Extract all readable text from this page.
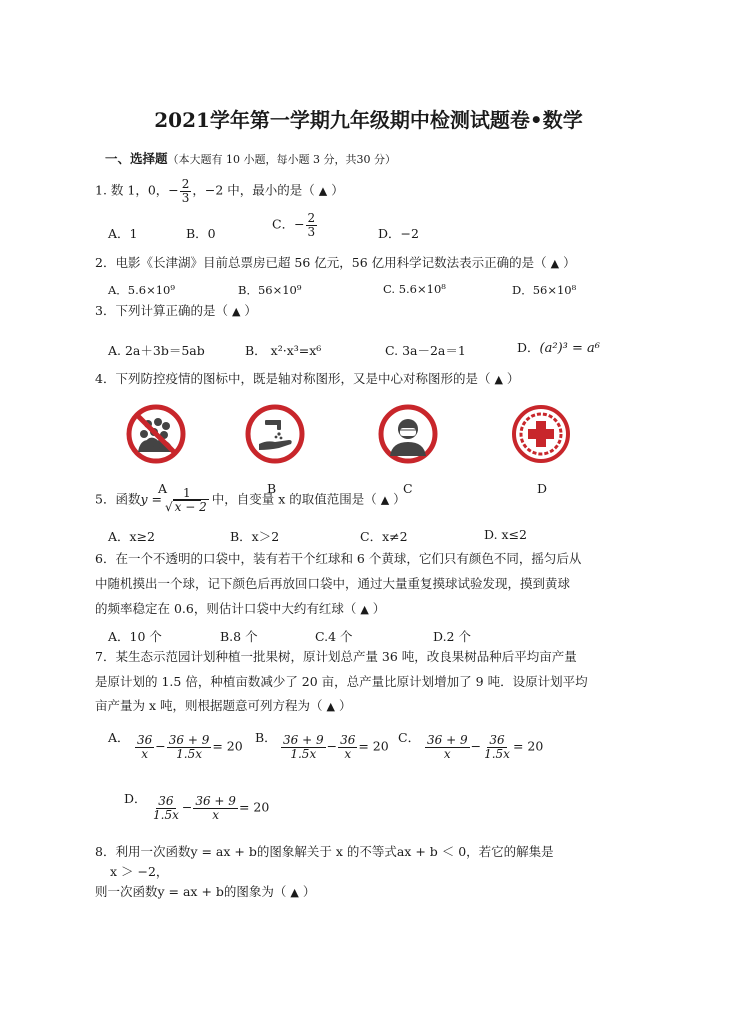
2021学年第一学期九年级期中检测试题卷•数学
一、选择题（本大题有 10 小题，每小题 3 分，共30 分）
1. 数 1，0，− $\frac{2}{3}$ ，−2 中，最小的是（ ▲ ）
A．1	B．0
C．− $\frac{2}{3}$	D．−2
2．电影《长津湖》目前总票房已超 56 亿元，56 亿用科学记数法表示正确的是（ ▲ ）
A．5.6×10⁹	B．56×10⁹	C. 5.6×10⁸	D．56×10⁸
3．下列计算正确的是（ ▲ ）
A. 2a＋3b＝5ab	B． x²·x³=x⁶	C. 3a－2a＝1	D．(a²)³ = a⁶
4．下列防控疫情的图标中，既是轴对称图形，又是中心对称图形的是（ ▲ ）
A	B	C	D
5．函数$y = \frac{1}{√ x - 2}$ 中，自变量 x 的取值范围是（ ▲ ）
A．x≥2	B．x＞2	C．x≠2	D. x≤2
6．在一个不透明的口袋中，装有若干个红球和 6 个黄球，它们只有颜色不同，摇匀后从
中随机摸出一个球，记下颜色后再放回口袋中，通过大量重复摸球试验发现，摸到黄球
的频率稳定在 0.6，则估计口袋中大约有红球（ ▲ ）
A．10 个	B.8 个	C.4 个	D.2 个
7．某生态示范园计划种植一批果树，原计划总产量 36 吨，改良果树品种后平均亩产量
是原计划的 1.5 倍，种植亩数减少了 20 亩，总产量比原计划增加了 9 吨．设原计划平均
亩产量为 x 吨，则根据题意可列方程为（ ▲ ）
A． $\frac{36}{x} - \frac{36 + 9}{1.5x} = 20$
B． $\frac{36 + 9}{1.5x} - \frac{36}{x} = 20$
C． $\frac{36 + 9}{x} - \frac{36}{1.5x} = 20$
D． $\frac{36}{1.5x} - \frac{36 + 9}{x} = 20$
8．利用一次函数y = ax + b的图象解关于 x 的不等式ax + b ＜ 0，若它的解集是
x ＞ −2，
则一次函数y = ax + b的图象为（ ▲ ）
